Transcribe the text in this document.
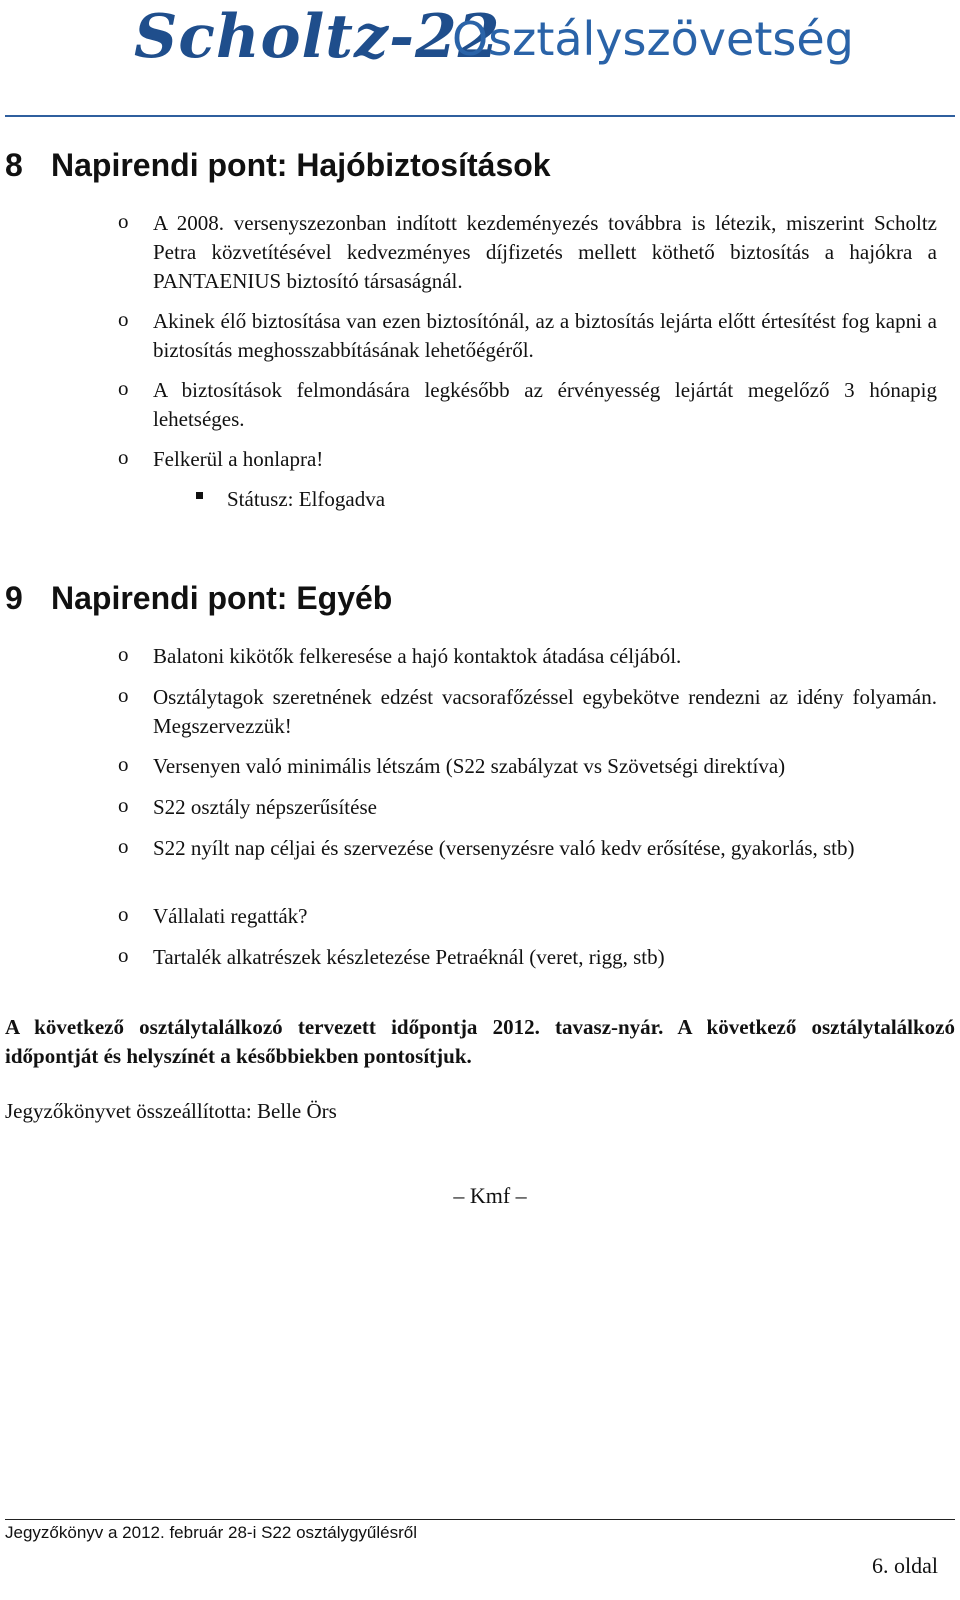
Scholtz-22
Osztályszövetség
8 Napirendi pont: Hajóbiztosítások
o A 2008. versenyszezonban indított kezdeményezés továbbra is létezik, miszerint Scholtz Petra közvetítésével kedvezményes díjfizetés mellett köthető biztosítás a hajókra a PANTAENIUS biztosító társaságnál.
o Akinek élő biztosítása van ezen biztosítónál, az a biztosítás lejárta előtt értesítést fog kapni a biztosítás meghosszabbításának lehetőégéről.
o A biztosítások felmondására legkésőbb az érvényesség lejártát megelőző 3 hónapig lehetséges.
o Felkerül a honlapra!
Státusz: Elfogadva
9 Napirendi pont: Egyéb
o Balatoni kikötők felkeresése a hajó kontaktok átadása céljából.
o Osztálytagok szeretnének edzést vacsorafőzéssel egybekötve rendezni az idény folyamán. Megszervezzük!
o Versenyen való minimális létszám (S22 szabályzat vs Szövetségi direktíva)
o S22 osztály népszerűsítése
o S22 nyílt nap céljai és szervezése (versenyzésre való kedv erősítése, gyakorlás, stb)
o Vállalati regatták?
o Tartalék alkatrészek készletezése Petraéknál (veret, rigg, stb)
A következő osztálytalálkozó tervezett időpontja 2012. tavasz-nyár. A következő osztálytalálkozó időpontját és helyszínét a későbbiekben pontosítjuk.
Jegyzőkönyvet összeállította: Belle Örs
– Kmf –
Jegyzőkönyv a 2012. február 28-i S22 osztálygyűlésről
6. oldal
